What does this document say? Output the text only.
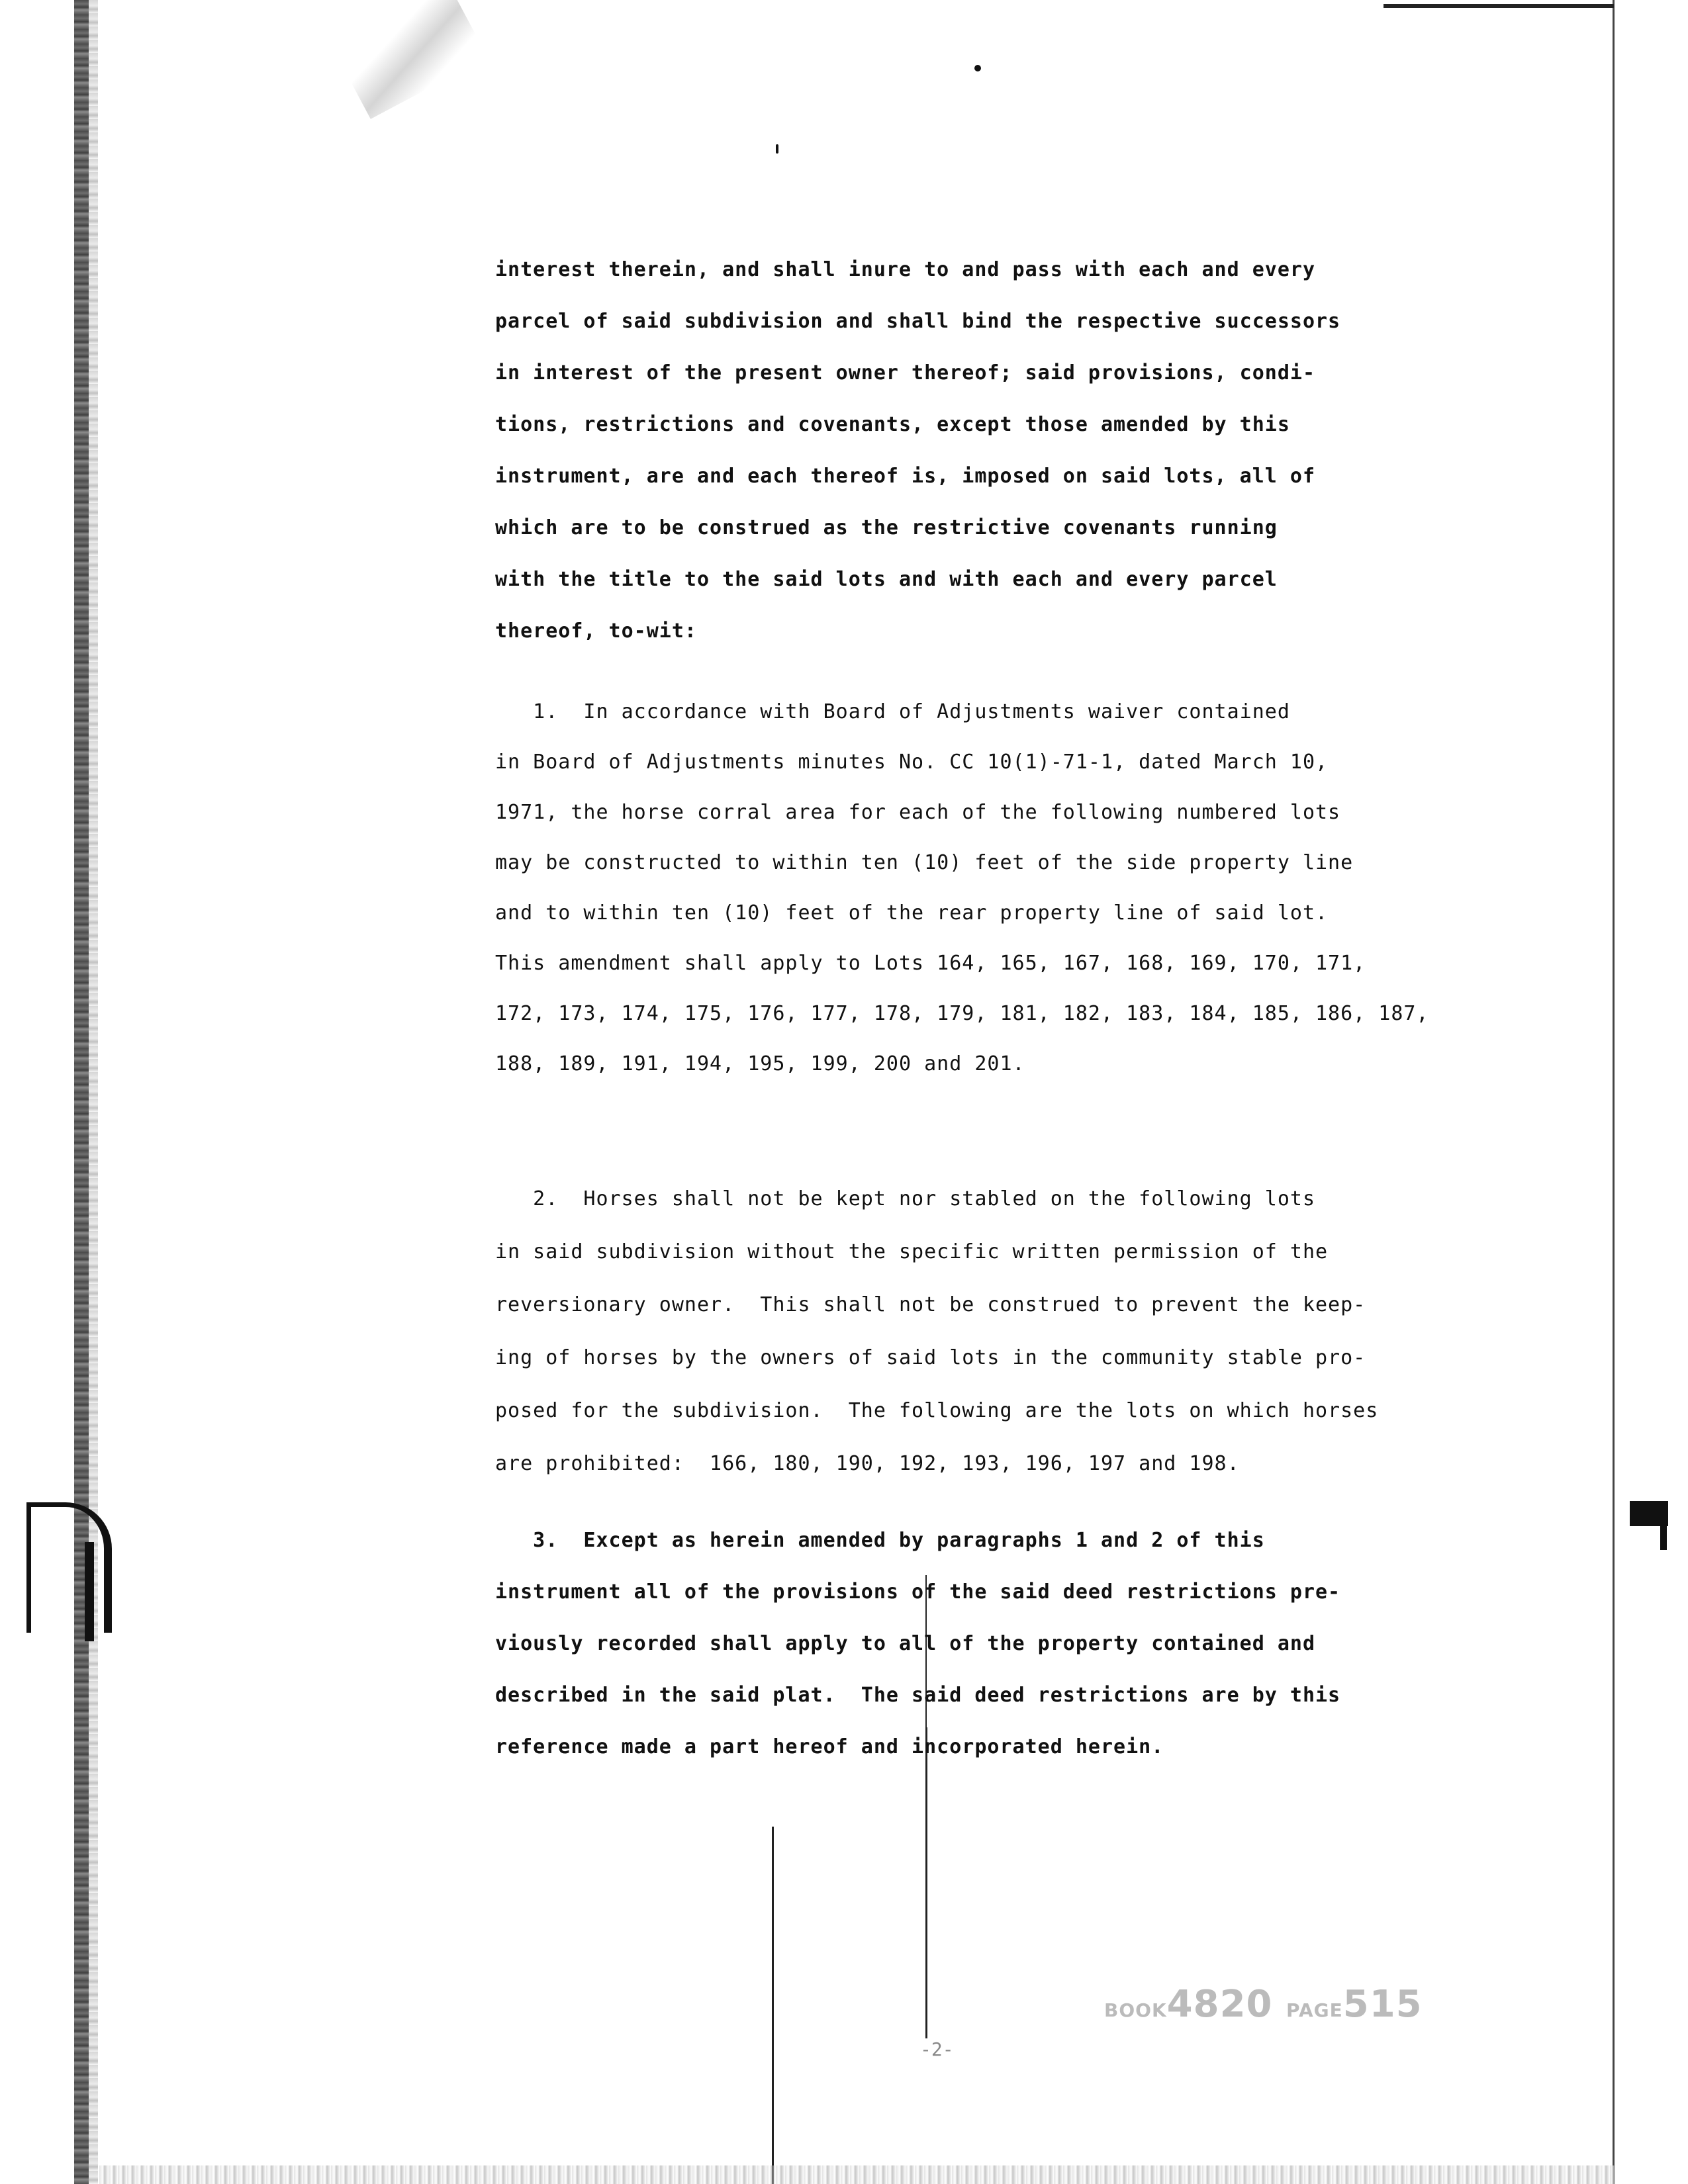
interest therein, and shall inure to and pass with each and every

parcel of said subdivision and shall bind the respective successors

in interest of the present owner thereof; said provisions, condi-

tions, restrictions and covenants, except those amended by this

instrument, are and each thereof is, imposed on said lots, all of

which are to be construed as the restrictive covenants running

with the title to the said lots and with each and every parcel

thereof, to-wit:

1.  In accordance with Board of Adjustments waiver contained

in Board of Adjustments minutes No. CC 10(1)-71-1, dated March 10,

1971, the horse corral area for each of the following numbered lots

may be constructed to within ten (10) feet of the side property line

and to within ten (10) feet of the rear property line of said lot.

This amendment shall apply to Lots 164, 165, 167, 168, 169, 170, 171,

172, 173, 174, 175, 176, 177, 178, 179, 181, 182, 183, 184, 185, 186, 187,

188, 189, 191, 194, 195, 199, 200 and 201.

2.  Horses shall not be kept nor stabled on the following lots

in said subdivision without the specific written permission of the

reversionary owner.  This shall not be construed to prevent the keep-

ing of horses by the owners of said lots in the community stable pro-

posed for the subdivision.  The following are the lots on which horses

are prohibited:  166, 180, 190, 192, 193, 196, 197 and 198.

3.  Except as herein amended by paragraphs 1 and 2 of this

instrument all of the provisions of the said deed restrictions pre-

viously recorded shall apply to all of the property contained and

described in the said plat.  The said deed restrictions are by this

reference made a part hereof and incorporated herein.

BOOK4820 PAGE515
-2-
